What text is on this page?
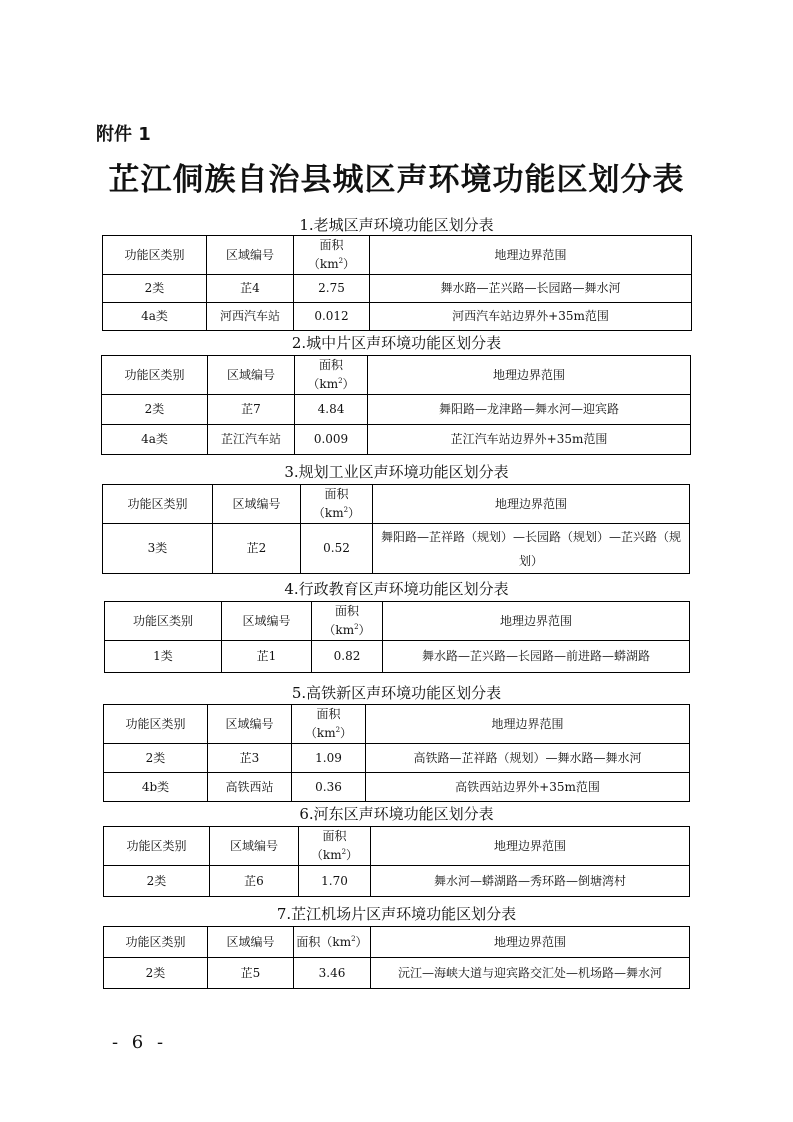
附件 1
芷江侗族自治县城区声环境功能区划分表
1.老城区声环境功能区划分表
功能区类别	区域编号	面积$(km^2)$	地理边界范围
2类	芷4	2.75	舞水路—芷兴路—长园路—舞水河
4a类	河西汽车站	0.012	河西汽车站边界外+35m范围
2.城中片区声环境功能区划分表
功能区类别	区域编号	面积$(km^2)$	地理边界范围
2类	芷7	4.84	舞阳路—龙津路—舞水河—迎宾路
4a类	芷江汽车站	0.009	芷江汽车站边界外+35m范围
3.规划工业区声环境功能区划分表
功能区类别	区域编号	面积$(km^2)$	地理边界范围
3类	芷2	0.52	舞阳路—芷祥路（规划）—长园路（规划）—芷兴路（规划）
4.行政教育区声环境功能区划分表
功能区类别	区域编号	面积$(km^2)$	地理边界范围
1类	芷1	0.82	舞水路—芷兴路—长园路—前进路—蟒湖路
5.高铁新区声环境功能区划分表
功能区类别	区域编号	面积$(km^2)$	地理边界范围
2类	芷3	1.09	高铁路—芷祥路（规划）—舞水路—舞水河
4b类	高铁西站	0.36	高铁西站边界外+35m范围
6.河东区声环境功能区划分表
功能区类别	区域编号	面积$(km^2)$	地理边界范围
2类	芷6	1.70	舞水河—蟒湖路—秀环路—倒塘湾村
7.芷江机场片区声环境功能区划分表
功能区类别	区域编号	面积$(km^2)$	地理边界范围
2类	芷5	3.46	沅江—海峡大道与迎宾路交汇处—机场路—舞水河
- 6 -
